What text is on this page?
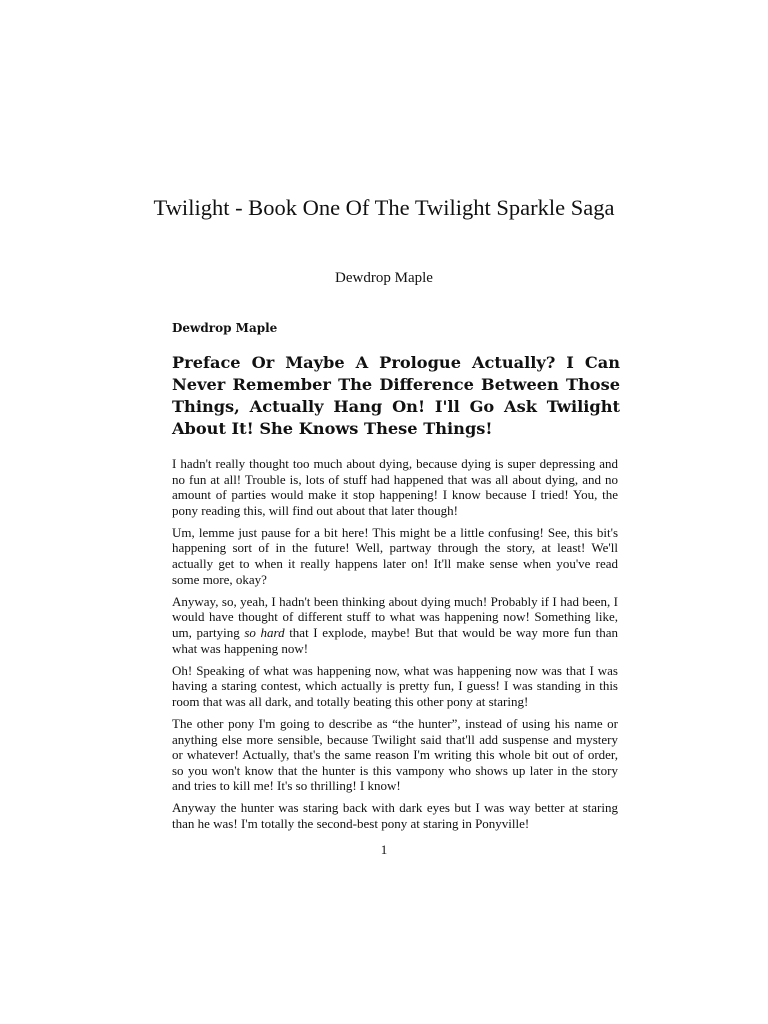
Twilight - Book One Of The Twilight Sparkle Saga
Dewdrop Maple
Dewdrop Maple
Preface Or Maybe A Prologue Actually? I Can Never Remember The Difference Between Those Things, Actually Hang On! I'll Go Ask Twilight About It! She Knows These Things!

I hadn't really thought too much about dying, because dying is super depressing and no fun at all! Trouble is, lots of stuff had happened that was all about dying, and no amount of parties would make it stop happening! I know because I tried! You, the pony reading this, will find out about that later though!

Um, lemme just pause for a bit here! This might be a little confusing! See, this bit's happening sort of in the future! Well, partway through the story, at least! We'll actually get to when it really happens later on! It'll make sense when you've read some more, okay?

Anyway, so, yeah, I hadn't been thinking about dying much! Probably if I had been, I would have thought of different stuff to what was happening now! Something like, um, partying so hard that I explode, maybe! But that would be way more fun than what was happening now!

Oh! Speaking of what was happening now, what was happening now was that I was having a staring contest, which actually is pretty fun, I guess! I was standing in this room that was all dark, and totally beating this other pony at staring!

The other pony I'm going to describe as “the hunter”, instead of using his name or anything else more sensible, because Twilight said that'll add suspense and mystery or whatever! Actually, that's the same reason I'm writing this whole bit out of order, so you won't know that the hunter is this vampony who shows up later in the story and tries to kill me! It's so thrilling! I know!

Anyway the hunter was staring back with dark eyes but I was way better at staring than he was! I'm totally the second-best pony at staring in Ponyville!

1
